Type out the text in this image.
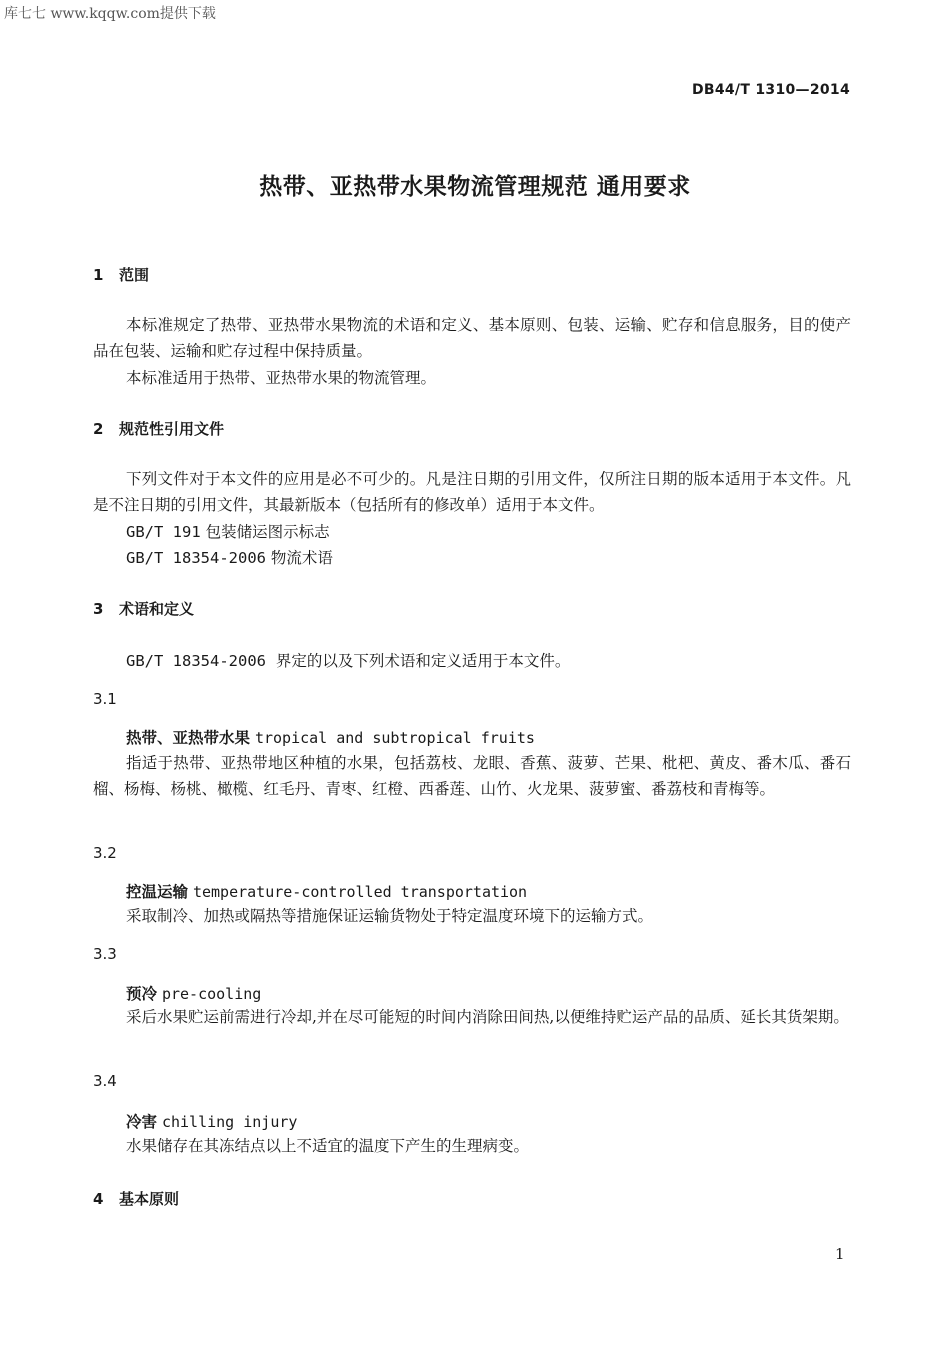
库七七 www.kqqw.com提供下载
DB44/T 1310—2014
热带、亚热带水果物流管理规范 通用要求
1 范围
本标准规定了热带、亚热带水果物流的术语和定义、基本原则、包装、运输、贮存和信息服务，目的使产品在包装、运输和贮存过程中保持质量。
本标准适用于热带、亚热带水果的物流管理。
2 规范性引用文件
下列文件对于本文件的应用是必不可少的。凡是注日期的引用文件，仅所注日期的版本适用于本文件。凡是不注日期的引用文件，其最新版本（包括所有的修改单）适用于本文件。
GB/T 191 包装储运图示标志
GB/T 18354-2006 物流术语
3 术语和定义
GB/T 18354-2006 界定的以及下列术语和定义适用于本文件。
3.1
热带、亚热带水果 tropical and subtropical fruits
指适于热带、亚热带地区种植的水果，包括荔枝、龙眼、香蕉、菠萝、芒果、枇杷、黄皮、番木瓜、番石榴、杨梅、杨桃、橄榄、红毛丹、青枣、红橙、西番莲、山竹、火龙果、菠萝蜜、番荔枝和青梅等。
3.2
控温运输 temperature-controlled transportation
采取制冷、加热或隔热等措施保证运输货物处于特定温度环境下的运输方式。
3.3
预冷 pre-cooling
采后水果贮运前需进行冷却,并在尽可能短的时间内消除田间热,以便维持贮运产品的品质、延长其货架期。
3.4
冷害 chilling injury
水果储存在其冻结点以上不适宜的温度下产生的生理病变。
4 基本原则
1
